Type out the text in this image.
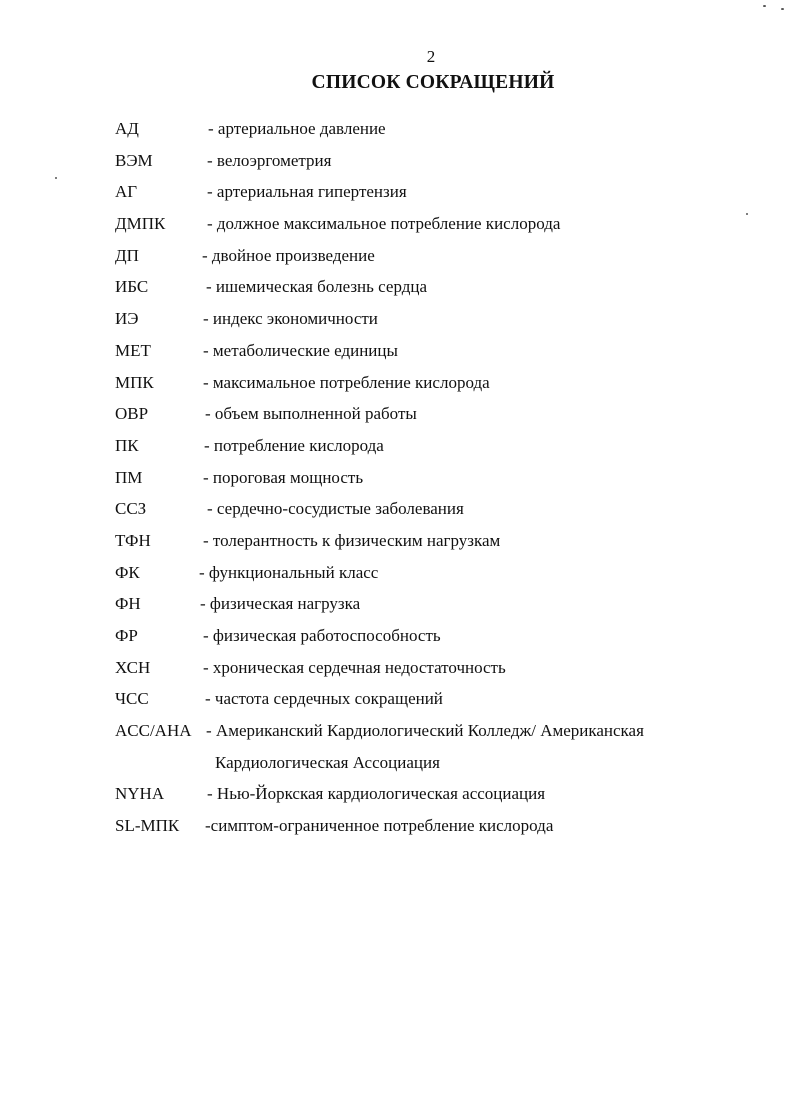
2
СПИСОК СОКРАЩЕНИЙ
АД	- артериальное давление
ВЭМ	- велоэргометрия
АГ	- артериальная гипертензия
ДМПК - должное максимальное потребление кислорода
ДП	- двойное произведение
ИБС	- ишемическая болезнь сердца
ИЭ	- индекс экономичности
МЕТ	- метаболические единицы
МПК	- максимальное потребление кислорода
ОВР	- объем выполненной работы
ПК	- потребление кислорода
ПМ	- пороговая мощность
ССЗ	- сердечно-сосудистые заболевания
ТФН	- толерантность к физическим нагрузкам
ФК	- функциональный класс
ФН	- физическая нагрузка
ФР	- физическая работоспособность
ХСН	- хроническая сердечная недостаточность
ЧСС	- частота сердечных сокращений
ACC/AHA - Американский Кардиологический Колледж/ Американская
Кардиологическая Ассоциация
NYHA	- Нью-Йоркская кардиологическая ассоциация
SL-МПК -симптом-ограниченное потребление кислорода
